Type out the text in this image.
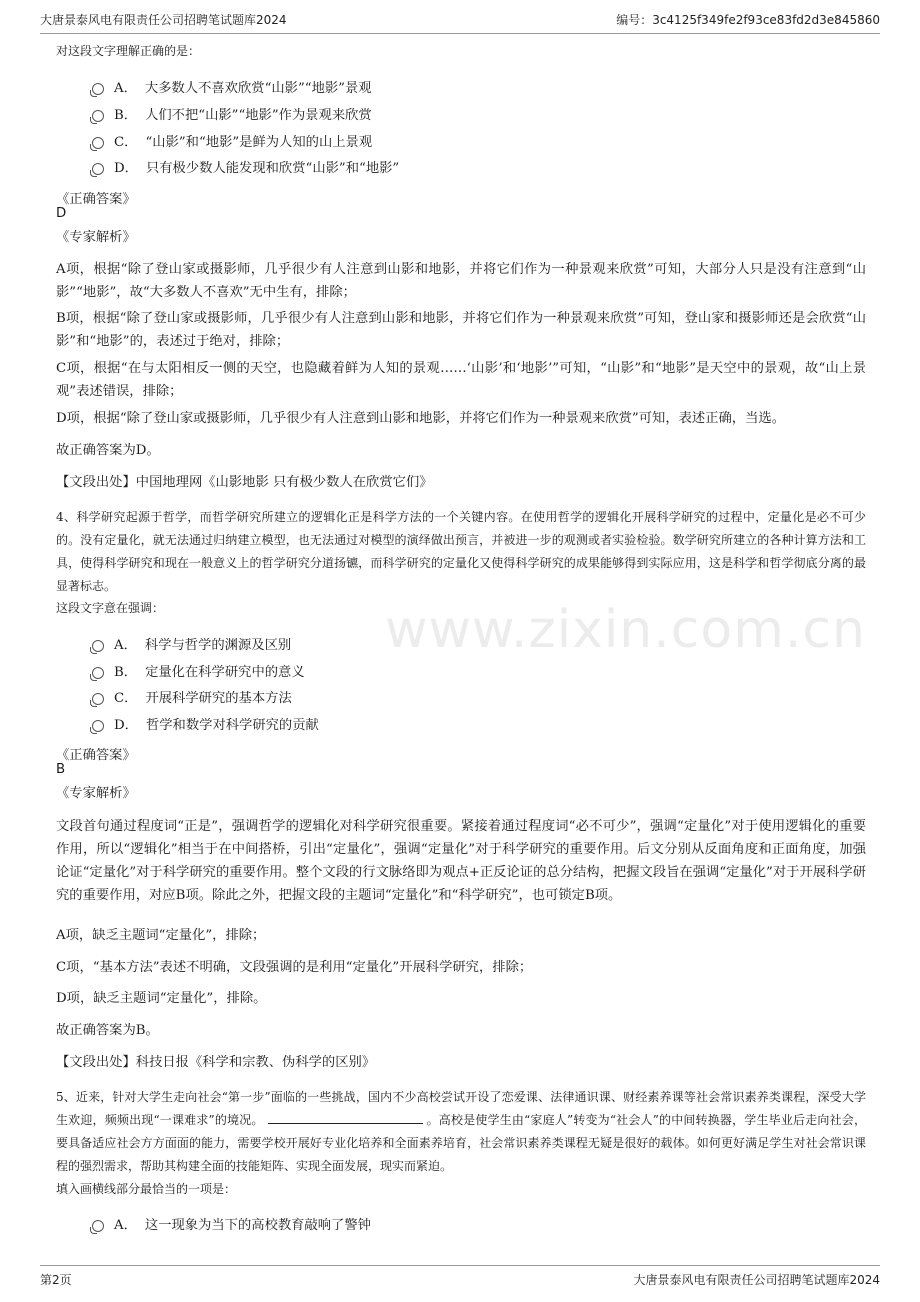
大唐景泰风电有限责任公司招聘笔试题库2024	编号：3c4125f349fe2f93ce83fd2d3e845860
www.zixin.com.cn
对这段文字理解正确的是：
A． 大多数人不喜欢欣赏“山影”“地影”景观
B． 人们不把“山影”“地影”作为景观来欣赏
C． “山影”和“地影”是鲜为人知的山上景观
D． 只有极少数人能发现和欣赏“山影”和“地影”
《正确答案》
D
《专家解析》
A项，根据“除了登山家或摄影师，几乎很少有人注意到山影和地影，并将它们作为一种景观来欣赏”可知，大部分人只是没有注意到“山影”“地影”，故“大多数人不喜欢”无中生有，排除；
B项，根据“除了登山家或摄影师，几乎很少有人注意到山影和地影，并将它们作为一种景观来欣赏”可知，登山家和摄影师还是会欣赏“山影”和“地影”的，表述过于绝对，排除；
C项，根据“在与太阳相反一侧的天空，也隐藏着鲜为人知的景观……‘山影’和‘地影’”可知，“山影”和“地影”是天空中的景观，故“山上景观”表述错误，排除；
D项，根据“除了登山家或摄影师，几乎很少有人注意到山影和地影，并将它们作为一种景观来欣赏”可知，表述正确，当选。
故正确答案为D。
【文段出处】中国地理网《山影地影 只有极少数人在欣赏它们》
4、科学研究起源于哲学，而哲学研究所建立的逻辑化正是科学方法的一个关键内容。在使用哲学的逻辑化开展科学研究的过程中，定量化是必不可少的。没有定量化，就无法通过归纳建立模型，也无法通过对模型的演绎做出预言，并被进一步的观测或者实验检验。数学研究所建立的各种计算方法和工具，使得科学研究和现在一般意义上的哲学研究分道扬镳，而科学研究的定量化又使得科学研究的成果能够得到实际应用，这是科学和哲学彻底分离的最显著标志。
这段文字意在强调：
A． 科学与哲学的渊源及区别
B． 定量化在科学研究中的意义
C． 开展科学研究的基本方法
D． 哲学和数学对科学研究的贡献
《正确答案》
B
《专家解析》
文段首句通过程度词“正是”，强调哲学的逻辑化对科学研究很重要。紧接着通过程度词“必不可少”，强调“定量化”对于使用逻辑化的重要作用，所以“逻辑化”相当于在中间搭桥，引出“定量化”，强调“定量化”对于科学研究的重要作用。后文分别从反面角度和正面角度，加强论证“定量化”对于科学研究的重要作用。整个文段的行文脉络即为观点+正反论证的总分结构，把握文段旨在强调“定量化”对于开展科学研究的重要作用，对应B项。除此之外，把握文段的主题词“定量化”和“科学研究”，也可锁定B项。
A项，缺乏主题词“定量化”，排除；
C项，“基本方法”表述不明确，文段强调的是利用“定量化”开展科学研究，排除；
D项，缺乏主题词“定量化”，排除。
故正确答案为B。
【文段出处】科技日报《科学和宗教、伪科学的区别》
5、近来，针对大学生走向社会“第一步”面临的一些挑战，国内不少高校尝试开设了恋爱课、法律通识课、财经素养课等社会常识素养类课程，深受大学生欢迎，频频出现“一课难求”的境况。	。高校是使学生由“家庭人”转变为“社会人”的中间转换器，学生毕业后走向社会，要具备适应社会方方面面的能力，需要学校开展好专业化培养和全面素养培育，社会常识素养类课程无疑是很好的载体。如何更好满足学生对社会常识课程的强烈需求，帮助其构建全面的技能矩阵、实现全面发展，现实而紧迫。
填入画横线部分最恰当的一项是：
A． 这一现象为当下的高校教育敲响了警钟
第2页	大唐景泰风电有限责任公司招聘笔试题库2024
